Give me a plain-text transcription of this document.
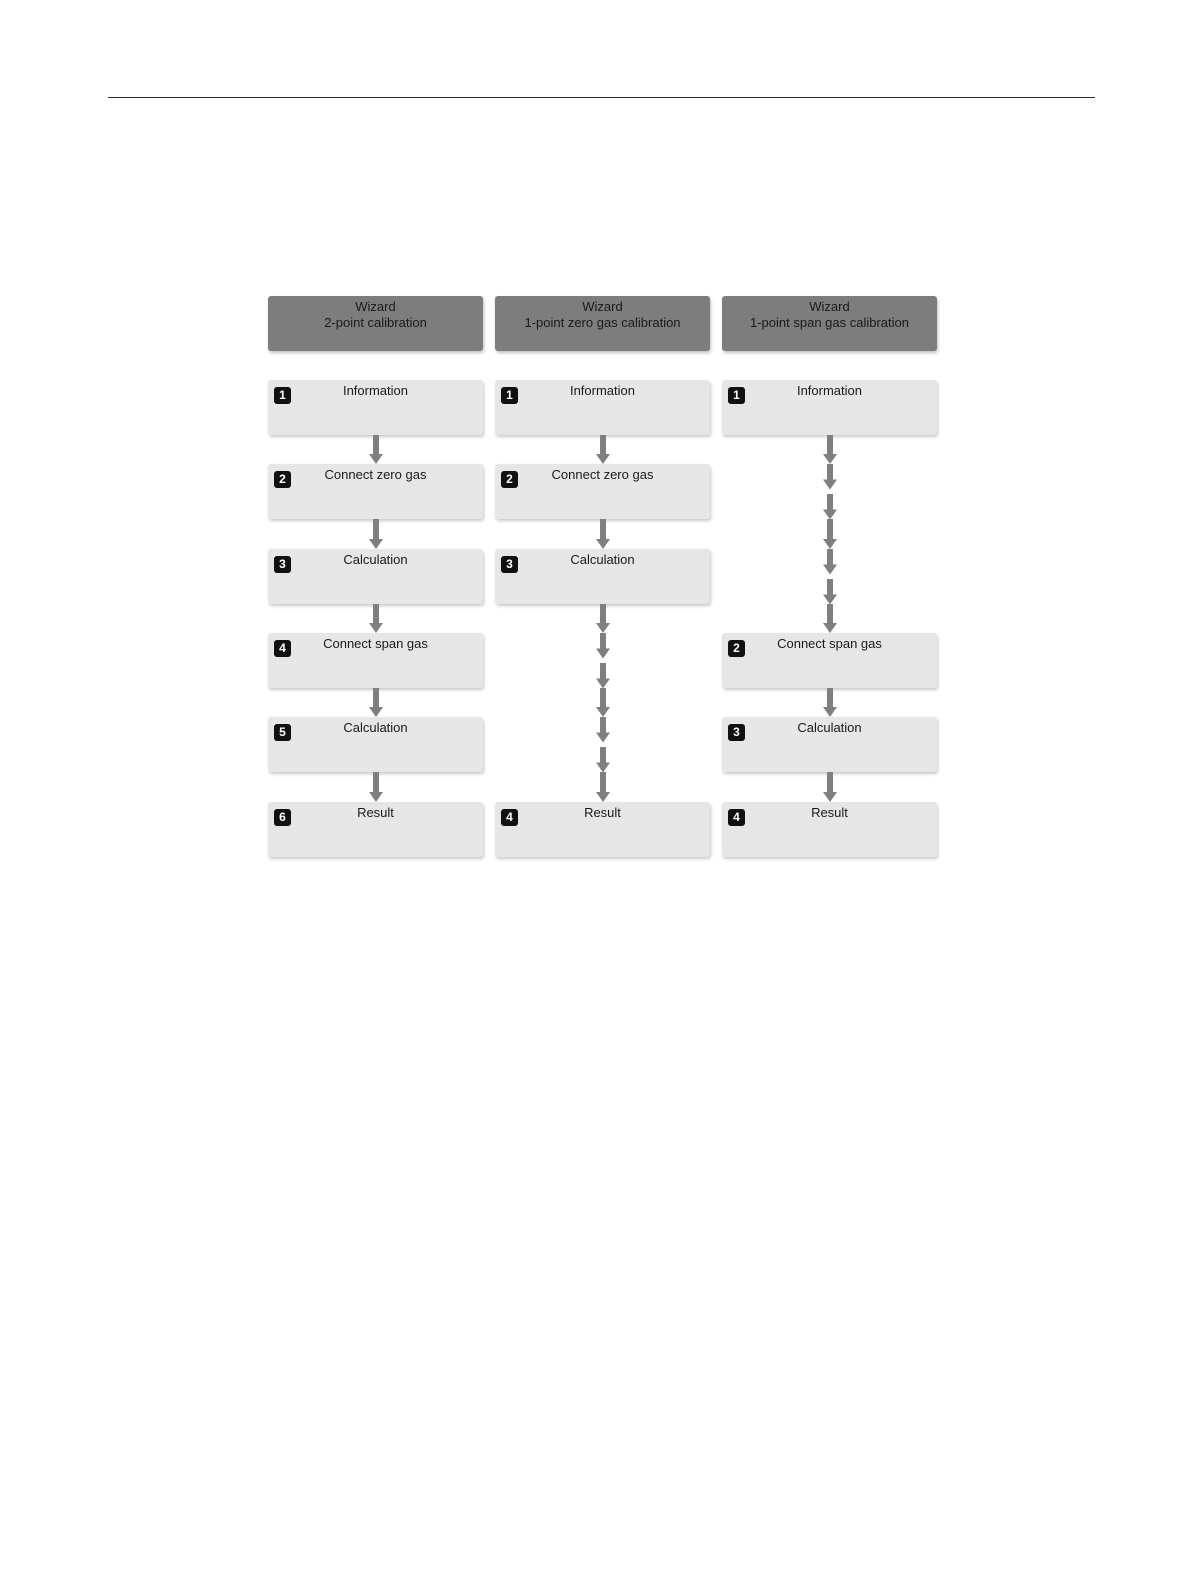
Wizard
2-point calibration
1	Information
2	Connect zero gas
3	Calculation
4	Connect span gas
5	Calculation
6	Result
Wizard
1-point zero gas calibration
1	Information
2	Connect zero gas
3	Calculation
4	Result
Wizard
1-point span gas calibration
1	Information
2	Connect span gas
3	Calculation
4	Result
